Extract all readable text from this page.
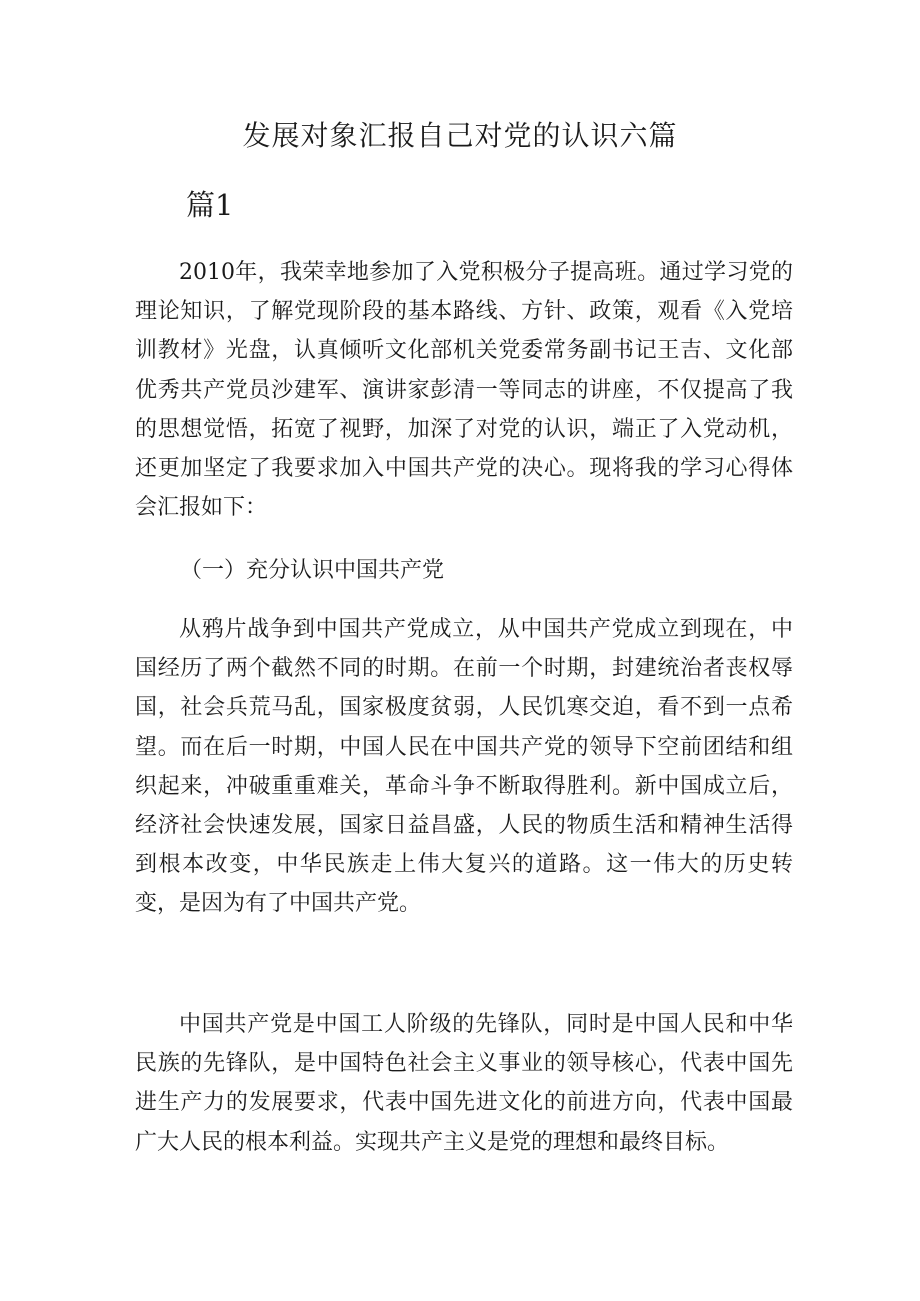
发展对象汇报自己对党的认识六篇
篇1

2010年，我荣幸地参加了入党积极分子提高班。通过学习党的理论知识，了解党现阶段的基本路线、方针、政策，观看《入党培训教材》光盘，认真倾听文化部机关党委常务副书记王吉、文化部优秀共产党员沙建军、演讲家彭清一等同志的讲座，不仅提高了我的思想觉悟，拓宽了视野，加深了对党的认识，端正了入党动机，还更加坚定了我要求加入中国共产党的决心。现将我的学习心得体会汇报如下：

（一）充分认识中国共产党

从鸦片战争到中国共产党成立，从中国共产党成立到现在，中国经历了两个截然不同的时期。在前一个时期，封建统治者丧权辱国，社会兵荒马乱，国家极度贫弱，人民饥寒交迫，看不到一点希望。而在后一时期，中国人民在中国共产党的领导下空前团结和组织起来，冲破重重难关，革命斗争不断取得胜利。新中国成立后，经济社会快速发展，国家日益昌盛，人民的物质生活和精神生活得到根本改变，中华民族走上伟大复兴的道路。这一伟大的历史转变，是因为有了中国共产党。

中国共产党是中国工人阶级的先锋队，同时是中国人民和中华民族的先锋队，是中国特色社会主义事业的领导核心，代表中国先进生产力的发展要求，代表中国先进文化的前进方向，代表中国最广大人民的根本利益。实现共产主义是党的理想和最终目标。
